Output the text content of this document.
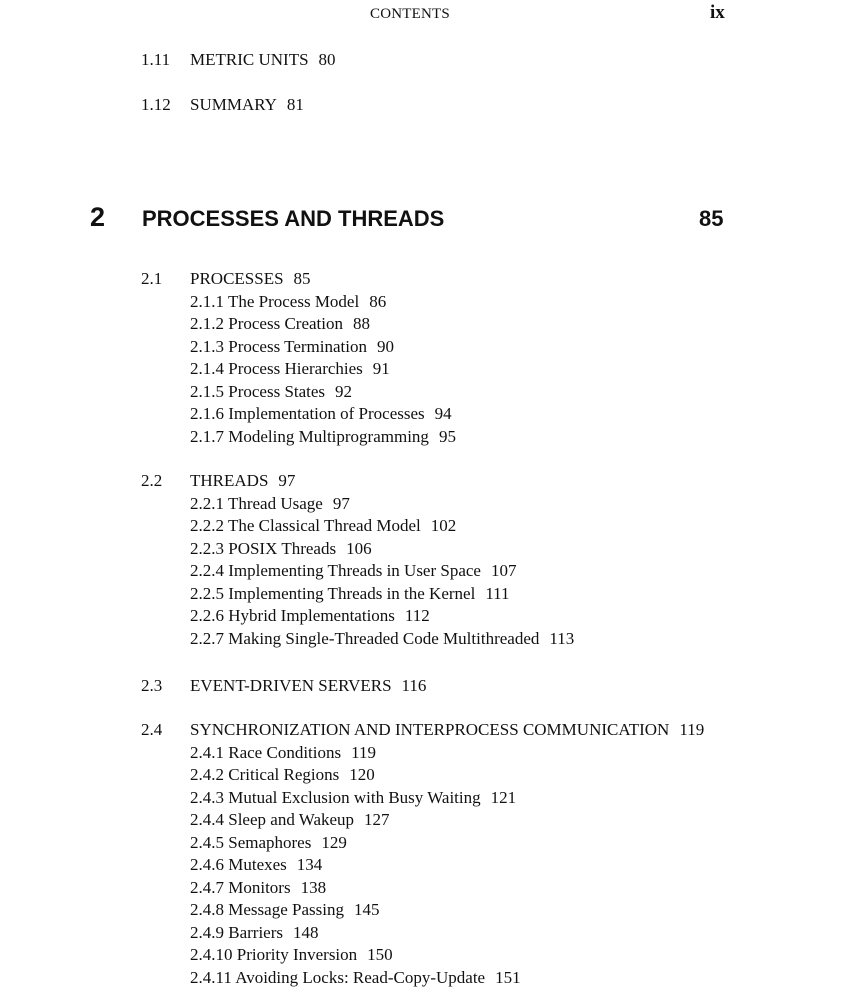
CONTENTS	ix
1.11 METRIC UNITS 80
1.12 SUMMARY 81
2 PROCESSES AND THREADS	85
2.1 PROCESSES 85
2.1.1 The Process Model 86
2.1.2 Process Creation 88
2.1.3 Process Termination 90
2.1.4 Process Hierarchies 91
2.1.5 Process States 92
2.1.6 Implementation of Processes 94
2.1.7 Modeling Multiprogramming 95
2.2 THREADS 97
2.2.1 Thread Usage 97
2.2.2 The Classical Thread Model 102
2.2.3 POSIX Threads 106
2.2.4 Implementing Threads in User Space 107
2.2.5 Implementing Threads in the Kernel 111
2.2.6 Hybrid Implementations 112
2.2.7 Making Single-Threaded Code Multithreaded 113
2.3 EVENT-DRIVEN SERVERS 116
2.4 SYNCHRONIZATION AND INTERPROCESS COMMUNICATION 119
2.4.1 Race Conditions 119
2.4.2 Critical Regions 120
2.4.3 Mutual Exclusion with Busy Waiting 121
2.4.4 Sleep and Wakeup 127
2.4.5 Semaphores 129
2.4.6 Mutexes 134
2.4.7 Monitors 138
2.4.8 Message Passing 145
2.4.9 Barriers 148
2.4.10 Priority Inversion 150
2.4.11 Avoiding Locks: Read-Copy-Update 151
